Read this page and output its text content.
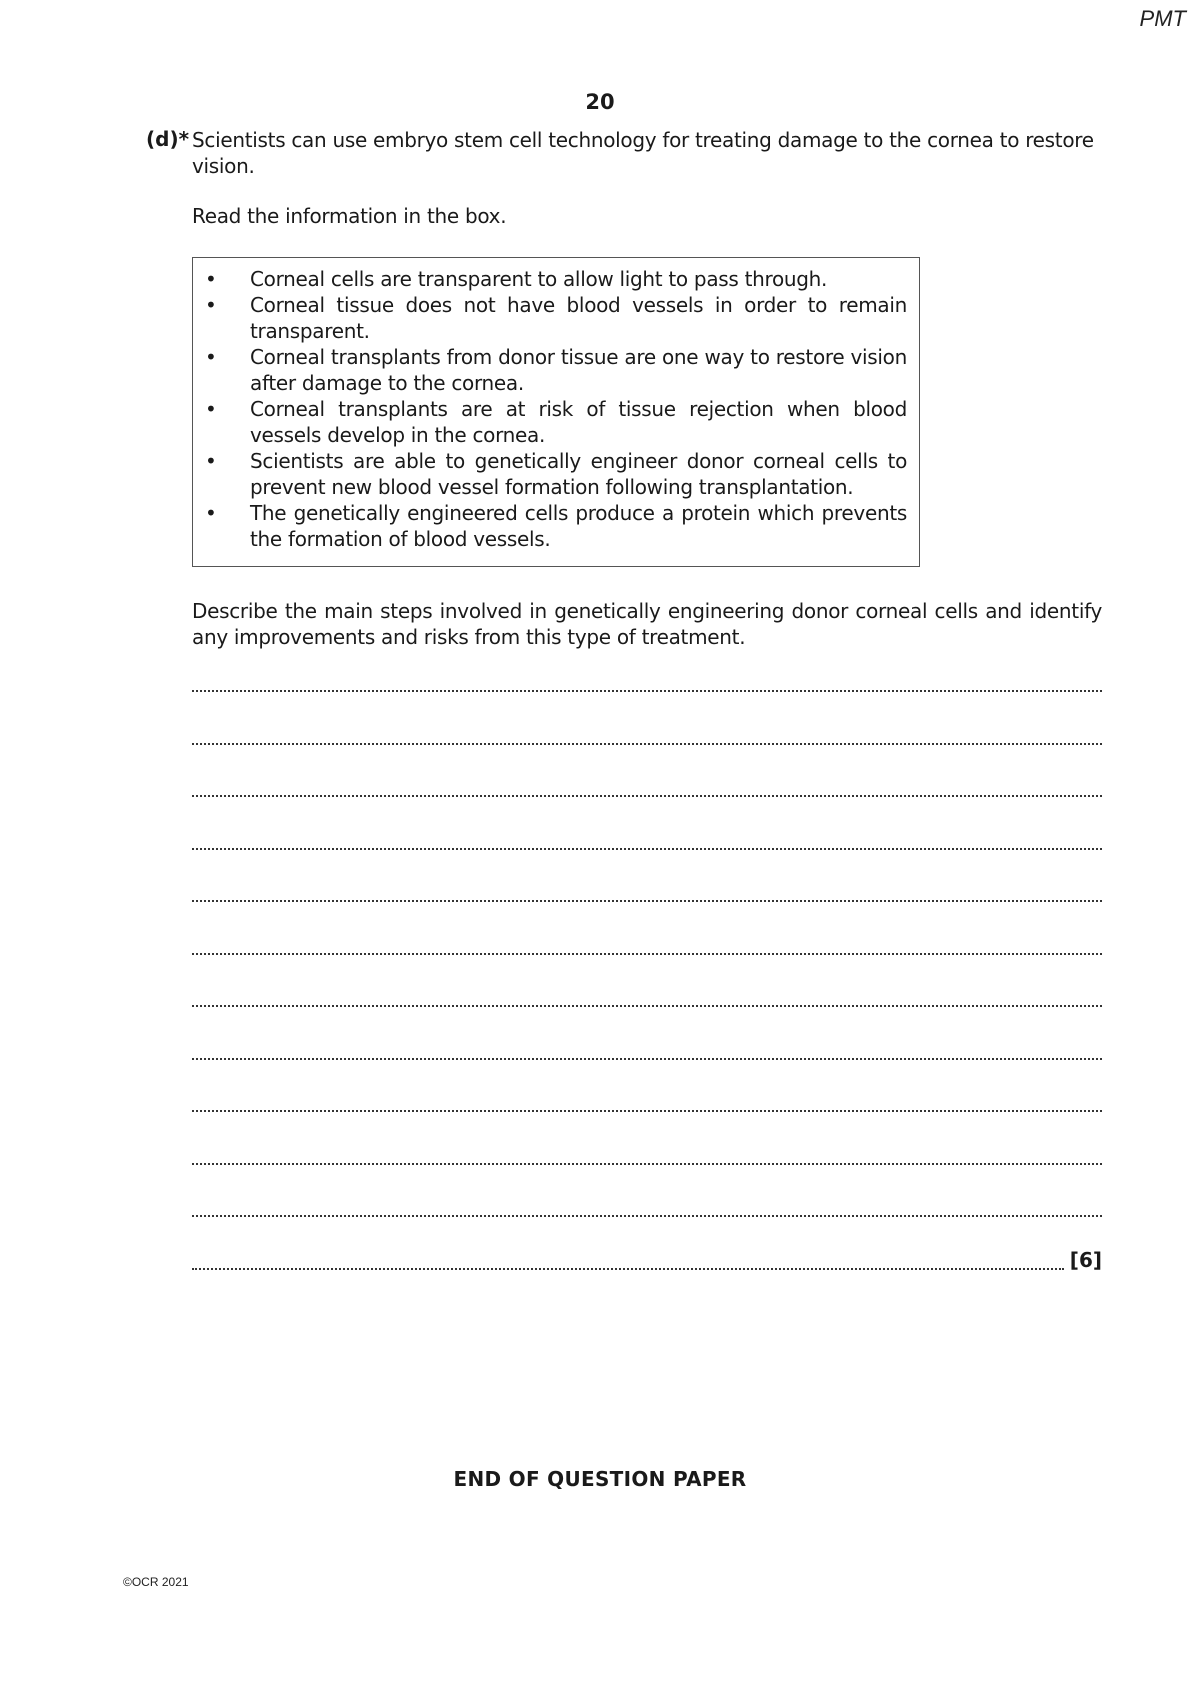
PMT
20
(d)* Scientists can use embryo stem cell technology for treating damage to the cornea to restore vision.

Read the information in the box.

• Corneal cells are transparent to allow light to pass through.
• Corneal tissue does not have blood vessels in order to remain transparent.
• Corneal transplants from donor tissue are one way to restore vision after damage to the cornea.
• Corneal transplants are at risk of tissue rejection when blood vessels develop in the cornea.
• Scientists are able to genetically engineer donor corneal cells to prevent new blood vessel formation following transplantation.
• The genetically engineered cells produce a protein which prevents the formation of blood vessels.

Describe the main steps involved in genetically engineering donor corneal cells and identify any improvements and risks from this type of treatment.

[6]
END OF QUESTION PAPER
©OCR 2021
